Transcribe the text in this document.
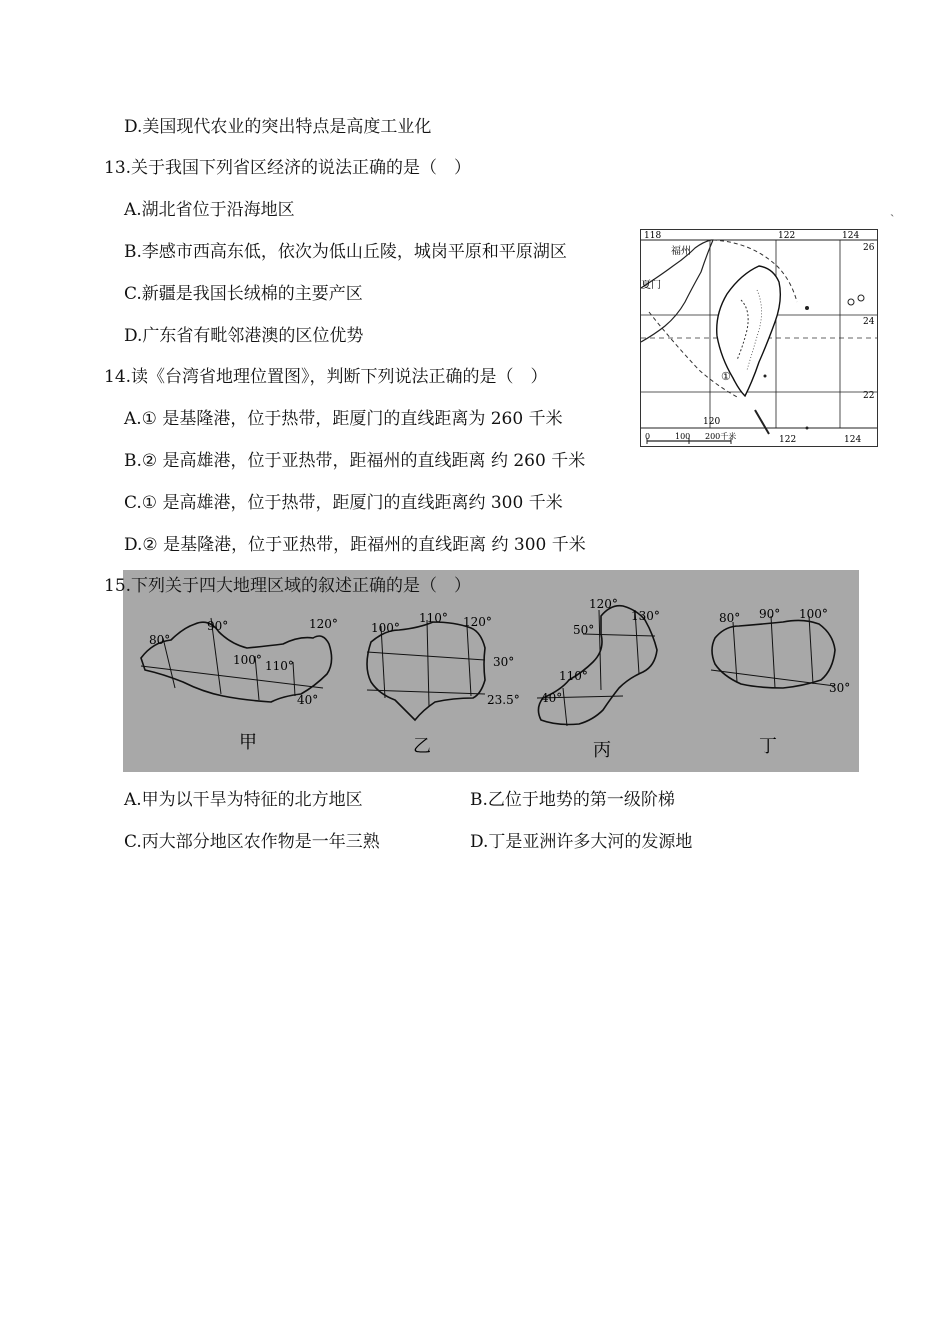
D.美国现代农业的突出特点是高度工业化
13.关于我国下列省区经济的说法正确的是（　）
A.湖北省位于沿海地区
B.李感市西高东低，依次为低山丘陵，城岗平原和平原湖区
C.新疆是我国长绒棉的主要产区
D.广东省有毗邻港澳的区位优势
14.读《台湾省地理位置图》，判断下列说法正确的是（　）
A.① 是基隆港，位于热带，距厦门的直线距离为 260 千米
B.② 是高雄港，位于亚热带，距福州的直线距离 约 260 千米
C.① 是高雄港，位于热带，距厦门的直线距离约 300 千米
D.② 是基隆港，位于亚热带，距福州的直线距离 约 300 千米
118	122	124
26
24
22
120
122	124
0	100 200千米
福州
夏门
①
ˎ
15.下列关于四大地理区域的叙述正确的是（　）
80°
90°
100° 110°
120°
40°
甲
100°
110° 120°
30°
23.5°
乙
120°
130°
50°
110°
40°
丙
80° 90° 100°
30°
丁
A.甲为以干旱为特征的北方地区	B.乙位于地势的第一级阶梯
C.丙大部分地区农作物是一年三熟	D.丁是亚洲许多大河的发源地
